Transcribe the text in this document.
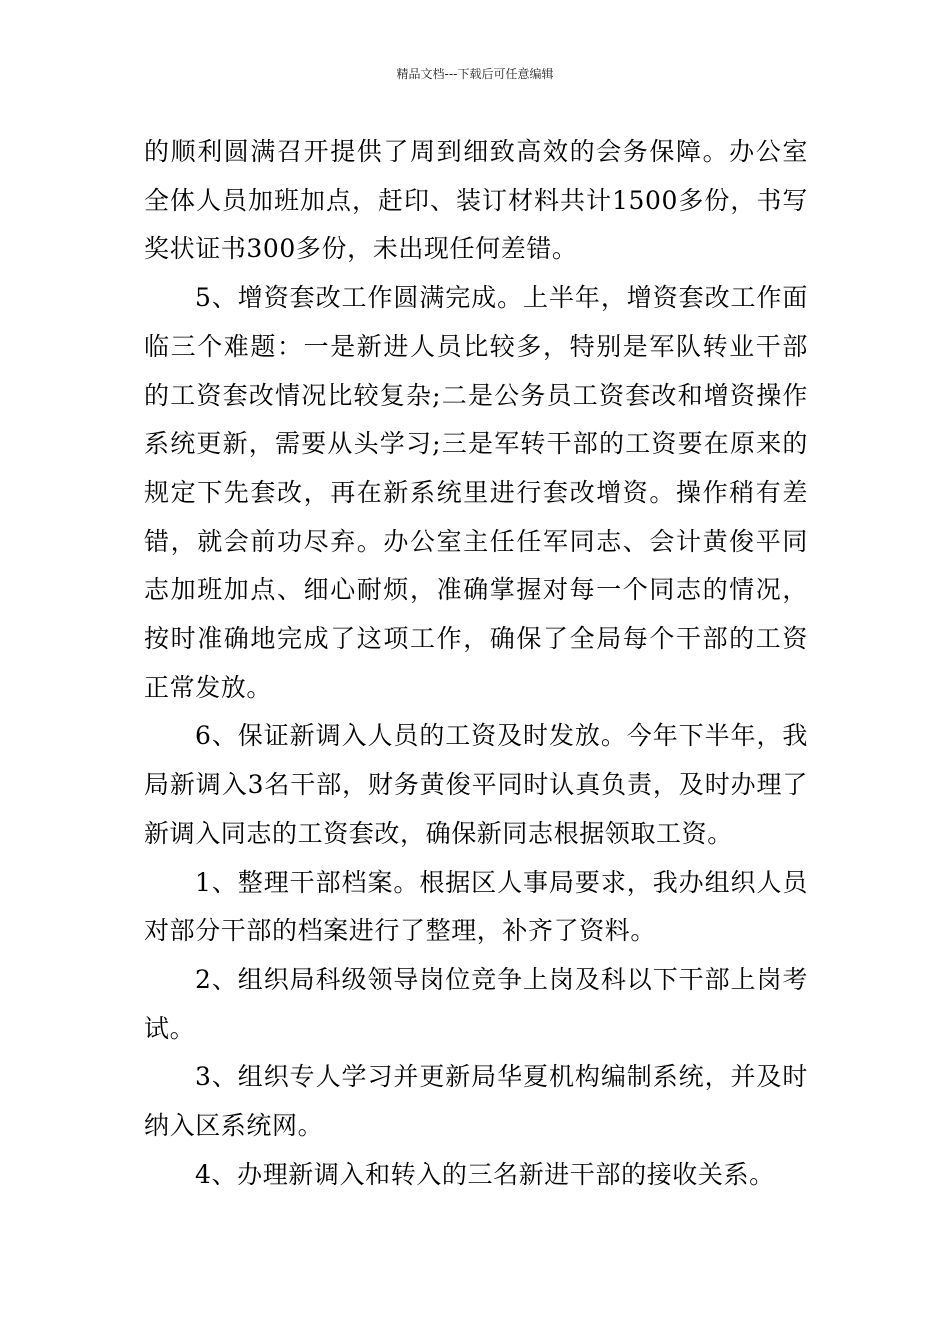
精品文档---下载后可任意编辑

的顺利圆满召开提供了周到细致高效的会务保障。办公室全体人员加班加点，赶印、装订材料共计1500多份，书写奖状证书300多份，未出现任何差错。

5、增资套改工作圆满完成。上半年，增资套改工作面临三个难题：一是新进人员比较多，特别是军队转业干部的工资套改情况比较复杂;二是公务员工资套改和增资操作系统更新，需要从头学习;三是军转干部的工资要在原来的规定下先套改，再在新系统里进行套改增资。操作稍有差错，就会前功尽弃。办公室主任任军同志、会计黄俊平同志加班加点、细心耐烦，准确掌握对每一个同志的情况，按时准确地完成了这项工作，确保了全局每个干部的工资正常发放。

6、保证新调入人员的工资及时发放。今年下半年，我局新调入3名干部，财务黄俊平同时认真负责，及时办理了新调入同志的工资套改，确保新同志根据领取工资。

1、整理干部档案。根据区人事局要求，我办组织人员对部分干部的档案进行了整理，补齐了资料。

2、组织局科级领导岗位竞争上岗及科以下干部上岗考试。

3、组织专人学习并更新局华夏机构编制系统，并及时纳入区系统网。

4、办理新调入和转入的三名新进干部的接收关系。
